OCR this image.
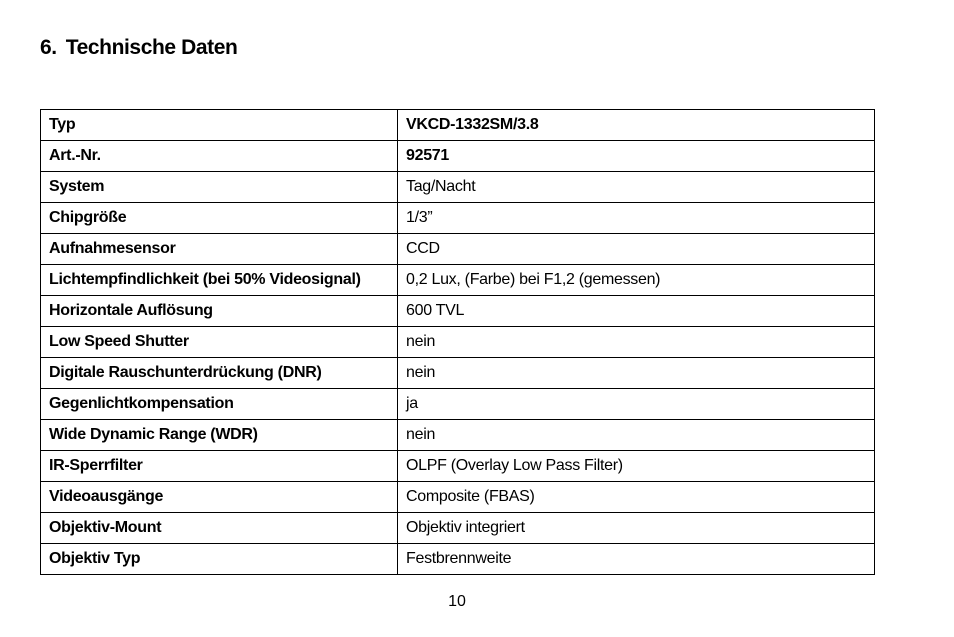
6. Technische Daten
Typ	VKCD-1332SM/3.8
Art.-Nr.	92571
System	Tag/Nacht
Chipgröße	1/3”
Aufnahmesensor	CCD
Lichtempfindlichkeit (bei 50% Videosignal)	0,2 Lux, (Farbe) bei F1,2 (gemessen)
Horizontale Auflösung	600 TVL
Low Speed Shutter	nein
Digitale Rauschunterdrückung (DNR)	nein
Gegenlichtkompensation	ja
Wide Dynamic Range (WDR)	nein
IR-Sperrfilter	OLPF (Overlay Low Pass Filter)
Videoausgänge	Composite (FBAS)
Objektiv-Mount	Objektiv integriert
Objektiv Typ	Festbrennweite
10
